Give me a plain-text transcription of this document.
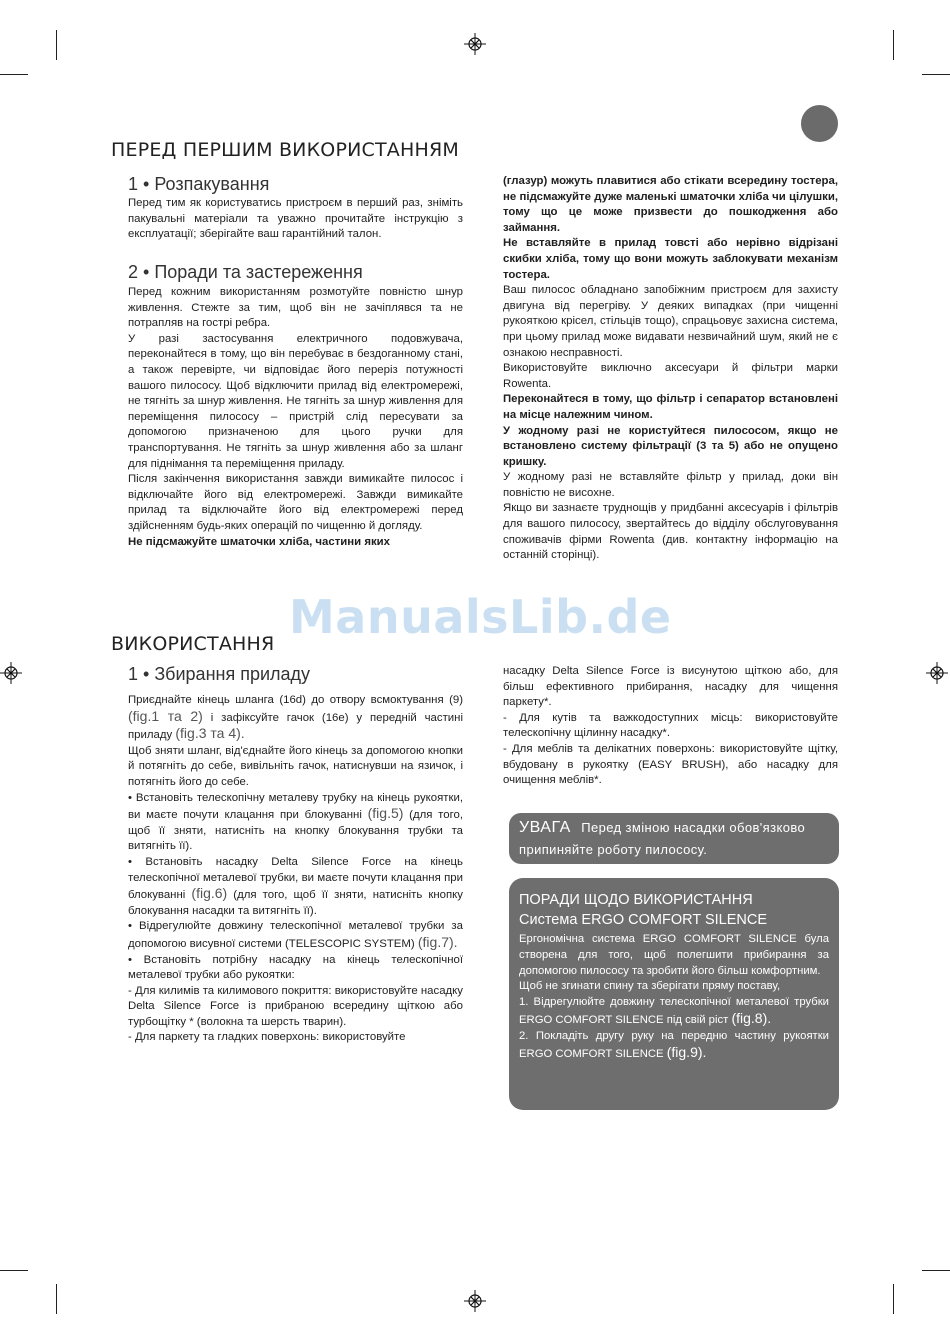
ПЕРЕД ПЕРШИМ ВИКОРИСТАННЯМ
1 • Розпакування

Перед тим як користуватись пристроєм в перший раз, зніміть пакувальні матеріали та уважно прочитайте інструкцію з експлуатації; зберігайте ваш гарантійний талон.

2 • Поради та застереження

Перед кожним використанням розмотуйте повністю шнур живлення. Стежте за тим, щоб він не зачіплявся та не потрапляв на гострі ребра.

У разі застосування електричного подовжувача, переконайтеся в тому, що він перебуває в бездоганному стані, а також перевірте, чи відповідає його переріз потужності вашого пилососу. Щоб відключити прилад від електромережі, не тягніть за шнур живлення. Не тягніть за шнур живлення для переміщення пилососу – пристрій слід пересувати за допомогою призначеною для цього ручки для транспортування. Не тягніть за шнур живлення або за шланг для піднімання та переміщення приладу.

Після закінчення використання завжди вимикайте пилосос і відключайте його від електромережі. Завжди вимикайте прилад та відключайте його від електромережі перед здійсненням будь-яких операцій по чищенню й догляду.

Не підсмажуйте шматочки хліба, частини яких

(глазур) можуть плавитися або стікати всередину тостера, не підсмажуйте дуже маленькі шматочки хліба чи цілушки, тому що це може призвести до пошкодження або займання.

Не вставляйте в прилад товсті або нерівно відрізані скибки хліба, тому що вони можуть заблокувати механізм тостера.

Ваш пилосос обладнано запобіжним пристроєм для захисту двигуна від перегріву. У деяких випадках (при чищенні рукояткою крісел, стільців тощо), спрацьовує захисна система, при цьому прилад може видавати незвичайний шум, який не є ознакою несправності.

Використовуйте виключно аксесуари й фільтри марки Rowenta.

Переконайтеся в тому, що фільтр і сепаратор встановлені на місце належним чином.

У жодному разі не користуйтеся пилососом, якщо не встановлено систему фільтрації (3 та 5) або не опущено кришку.

У жодному разі не вставляйте фільтр у прилад, доки він повністю не висохне.

Якщо ви зазнаєте труднощів у придбанні аксесуарів і фільтрів для вашого пилососу, звертайтесь до відділу обслуговування споживачів фірми Rowenta (див. контактну інформацію на останній сторінці).

ManualsLib.de
ВИКОРИСТАННЯ
1 • Збирання приладу

Приєднайте кінець шланга (16d) до отвору всмоктування (9) (fig.1 та 2) і зафіксуйте гачок (16е) у передній частині приладу (fig.3 та 4).

Щоб зняти шланг, від'єднайте його кінець за допомогою кнопки й потягніть до себе, вивільніть гачок, натиснувши на язичок, і потягніть його до себе.

• Встановіть телескопічну металеву трубку на кінець рукоятки, ви маєте почути клацання при блокуванні (fig.5) (для того, щоб її зняти, натисніть на кнопку блокування трубки та витягніть її).

• Встановіть насадку Delta Silence Force на кінець телескопічної металевої трубки, ви маєте почути клацання при блокуванні (fig.6) (для того, щоб її зняти, натисніть кнопку блокування насадки та витягніть її).

• Відрегулюйте довжину телескопічної металевої трубки за допомогою висувної системи (TELESCOPIC SYSTEM) (fig.7).

• Встановіть потрібну насадку на кінець телескопічної металевої трубки або рукоятки:

- Для килимів та килимового покриття: використовуйте насадку Delta Silence Force із прибраною всередину щіткою або турбощітку * (волокна та шерсть тварин).

- Для паркету та гладких поверхонь: використовуйте

насадку Delta Silence Force із висунутою щіткою або, для більш ефективного прибирання, насадку для чищення паркету*.

- Для кутів та важкодоступних місць: використовуйте телескопічну щілинну насадку*.

- Для меблів та делікатних поверхонь: використовуйте щітку, вбудовану в рукоятку (EASY BRUSH), або насадку для очищення меблів*.

УВАГА Перед зміною насадки обов'язково припиняйте роботу пилососу.
ПОРАДИ ЩОДО ВИКОРИСТАННЯ
Система ERGO COMFORT SILENCE

Ергономічна система ERGO COMFORT SILENCE була створена для того, щоб полегшити прибирання за допомогою пилососу та зробити його більш комфортним.

Щоб не згинати спину та зберігати пряму поставу,

1. Відрегулюйте довжину телескопічної металевої трубки ERGO COMFORT SILENCE під свій ріст (fig.8).

2. Покладіть другу руку на передню частину рукоятки ERGO COMFORT SILENCE (fig.9).
